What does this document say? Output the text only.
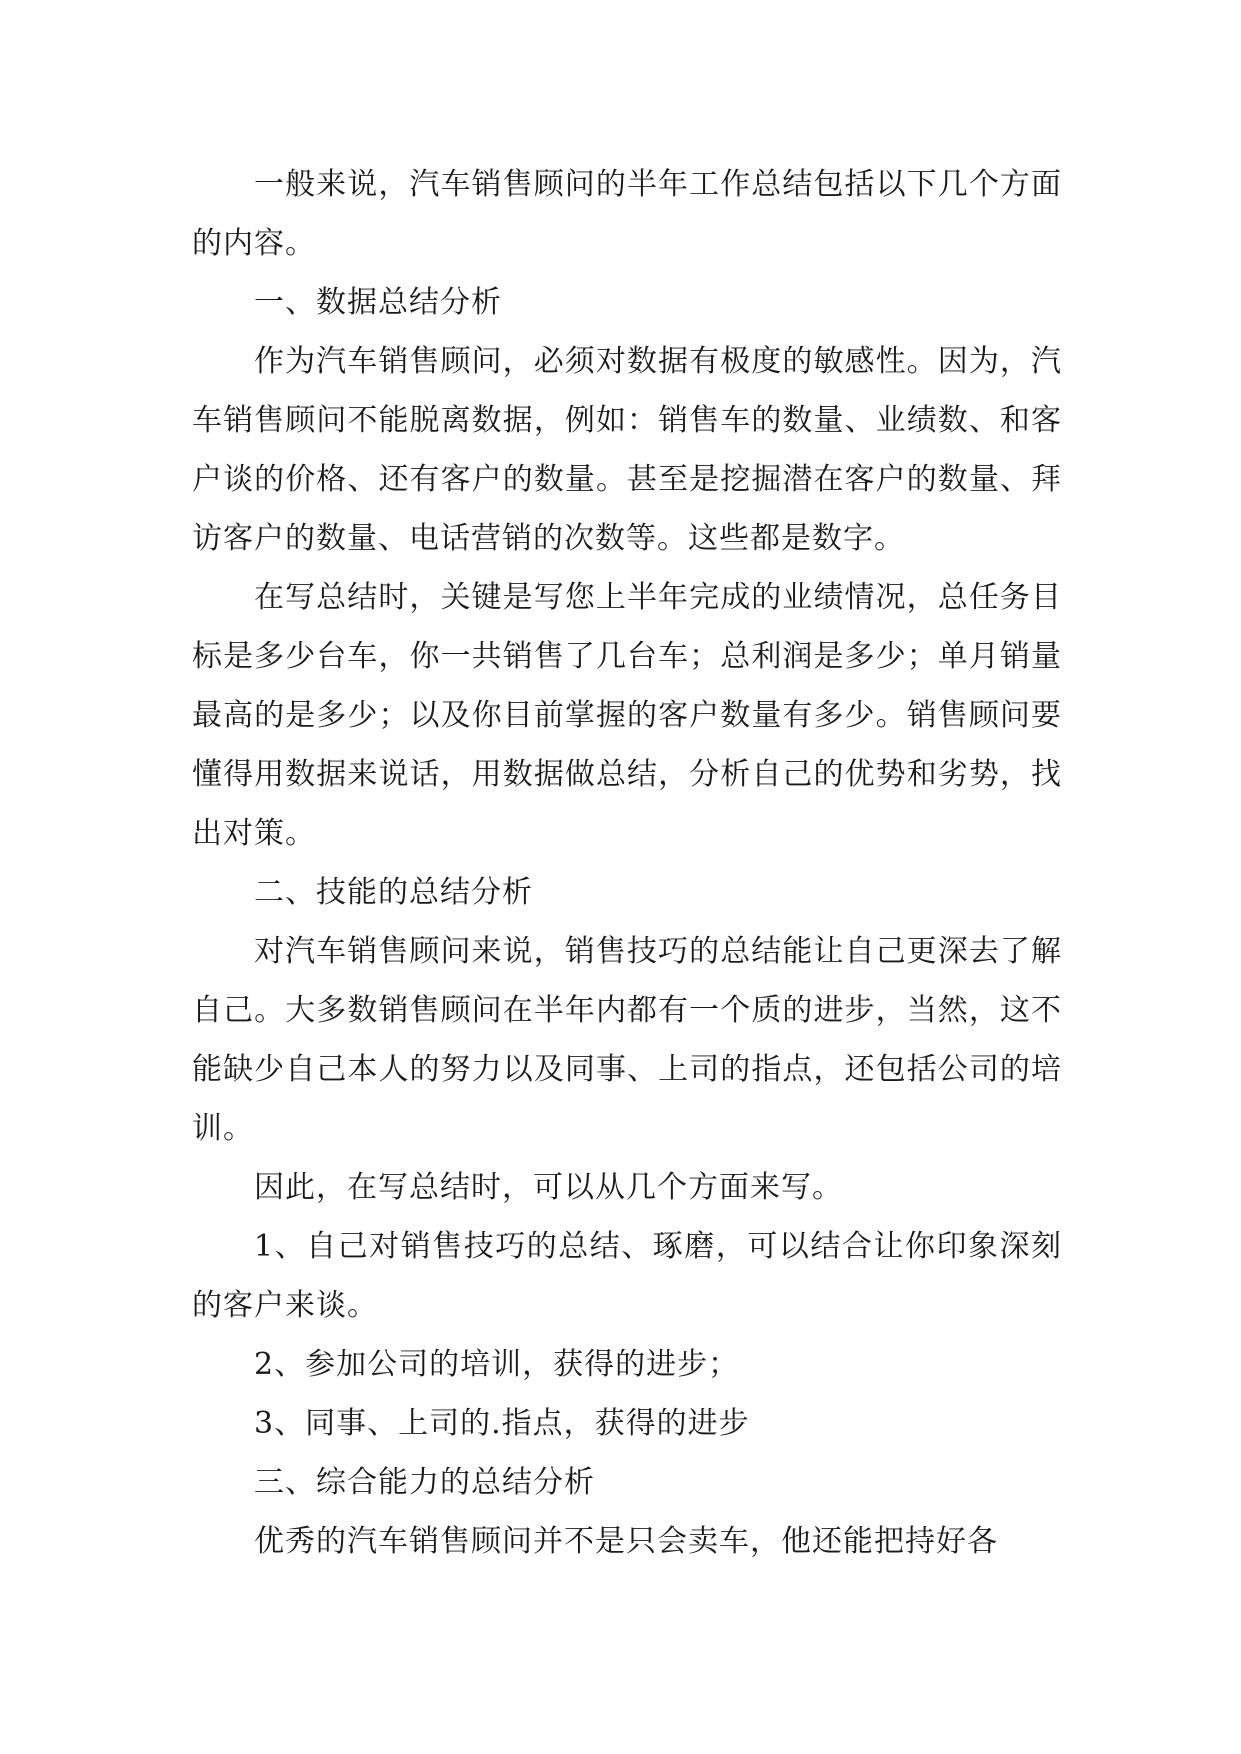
一般来说，汽车销售顾问的半年工作总结包括以下几个方面的内容。

一、数据总结分析

作为汽车销售顾问，必须对数据有极度的敏感性。因为，汽车销售顾问不能脱离数据，例如：销售车的数量、业绩数、和客户谈的价格、还有客户的数量。甚至是挖掘潜在客户的数量、拜访客户的数量、电话营销的次数等。这些都是数字。

在写总结时，关键是写您上半年完成的业绩情况，总任务目标是多少台车，你一共销售了几台车；总利润是多少；单月销量最高的是多少；以及你目前掌握的客户数量有多少。销售顾问要懂得用数据来说话，用数据做总结，分析自己的优势和劣势，找出对策。

二、技能的总结分析

对汽车销售顾问来说，销售技巧的总结能让自己更深去了解自己。大多数销售顾问在半年内都有一个质的进步，当然，这不能缺少自己本人的努力以及同事、上司的指点，还包括公司的培训。

因此，在写总结时，可以从几个方面来写。

1、自己对销售技巧的总结、琢磨，可以结合让你印象深刻的客户来谈。

2、参加公司的培训，获得的进步；

3、同事、上司的.指点，获得的进步

三、综合能力的总结分析

优秀的汽车销售顾问并不是只会卖车，他还能把持好各
